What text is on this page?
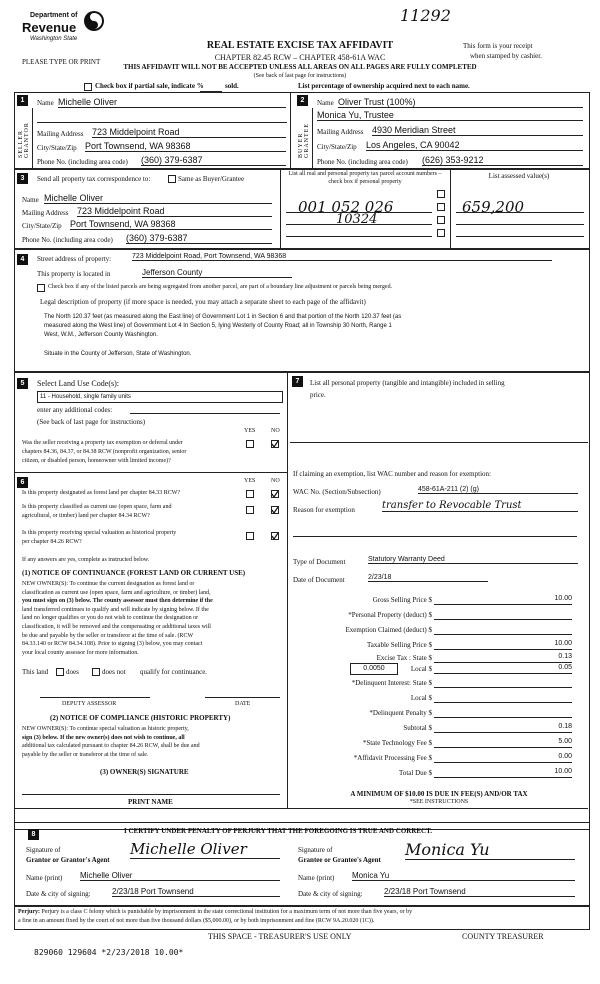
11292
Department of
Revenue
Washington State
REAL ESTATE EXCISE TAX AFFIDAVIT
CHAPTER 82.45 RCW – CHAPTER 458-61A WAC
THIS AFFIDAVIT WILL NOT BE ACCEPTED UNLESS ALL AREAS ON ALL PAGES ARE FULLY COMPLETED
(See back of last page for instructions)
PLEASE TYPE OR PRINT
This form is your receipt
when stamped by cashier.
Check box if partial sale, indicate %	sold.	List percentage of ownership acquired next to each name.
1
SELLER GRANTOR
Name Michelle Oliver
Mailing Address 723 Middelpoint Road
City/State/Zip Port Townsend, WA 98368
Phone No. (including area code) (360) 379-6387
2
BUYER GRANTEE
Name Oliver Trust (100%)
Monica Yu, Trustee
Mailing Address 4930 Meridian Street
City/State/Zip Los Angeles, CA 90042
Phone No. (including area code) (626) 353-9212
3	Send all property tax correspondence to:	Same as Buyer/Grantee
Name Michelle Oliver
Mailing Address 723 Middelpoint Road
City/State/Zip Port Townsend, WA 98368
Phone No. (including area code) (360) 379-6387
List all real and personal property tax parcel account numbers – check box if personal property
List assessed value(s)
001 052 026
10324
659,200
4	Street address of property:	723 Middelpoint Road, Port Townsend, WA 98368
This property is located in	Jefferson County
Check box if any of the listed parcels are being segregated from another parcel, are part of a boundary line adjustment or parcels being merged.
Legal description of property (if more space is needed, you may attach a separate sheet to each page of the affidavit)
The North 120.37 feet (as measured along the East line) of Government Lot 1 in Section 6 and that portion of the North 120.37 feet (as
measured along the West line) of Government Lot 4 In Section 5, lying Westerly of County Road; all in Township 30 North, Range 1
West, W.M., Jefferson County Washington.
Situate in the County of Jefferson, State of Washington.
5	Select Land Use Code(s):
11 - Household, single family units
enter any additional codes:
(See back of last page for instructions)
YES	NO
Was the seller receiving a property tax exemption or deferral under
chapters 84.36, 84.37, or 84.38 RCW (nonprofit organization, senior
citizen, or disabled person, homeowner with limited income)?
6	YES	NO
Is this property designated as forest land per chapter 84.33 RCW?
Is this property classified as current use (open space, farm and
agricultural, or timber) land per chapter 84.34 RCW?
Is this property receiving special valuation as historical property
per chapter 84.26 RCW?
If any answers are yes, complete as instructed below.
(1) NOTICE OF CONTINUANCE (FOREST LAND OR CURRENT USE)
NEW OWNER(S): To continue the current designation as forest land or
classification as current use (open space, farm and agriculture, or timber) land,
you must sign on (3) below. The county assessor must then determine if the
land transferred continues to qualify and will indicate by signing below. If the
land no longer qualifies or you do not wish to continue the designation or
classification, it will be removed and the compensating or additional taxes will
be due and payable by the seller or transferor at the time of sale. (RCW
84.33.140 or RCW 84.34.108). Prior to signing (3) below, you may contact
your local county assessor for more information.
This land	does	does not qualify for continuance.
DEPUTY ASSESSOR	DATE
(2) NOTICE OF COMPLIANCE (HISTORIC PROPERTY)
NEW OWNER(S): To continue special valuation as historic property,
sign (3) below. If the new owner(s) does not wish to continue, all
additional tax calculated pursuant to chapter 84.26 RCW, shall be due and
payable by the seller or transferor at the time of sale.
(3) OWNER(S) SIGNATURE
PRINT NAME
7	List all personal property (tangible and intangible) included in selling
price.
If claiming an exemption, list WAC number and reason for exemption:
WAC No. (Section/Subsection)	458-61A-211 (2) (g)
Reason for exemption	transfer to Revocable Trust
Type of Document	Statutory Warranty Deed
Date of Document	2/23/18
Gross Selling Price $	10.00
*Personal Property (deduct) $
Exemption Claimed (deduct) $
Taxable Selling Price $	10.00
Excise Tax : State $	0.13
Local $	0.05
*Delinquent Interest: State $
Local $
*Delinquent Penalty $
Subtotal $	0.18
*State Technology Fee $	5.00
*Affidavit Processing Fee $	0.00
Total Due $	10.00
0.0050
A MINIMUM OF $10.00 IS DUE IN FEE(S) AND/OR TAX
*SEE INSTRUCTIONS
8	I CERTIFY UNDER PENALTY OF PERJURY THAT THE FOREGOING IS TRUE AND CORRECT.
Signature of
Grantor or Grantor's Agent
Michelle Oliver	Signature of
Grantee or Grantee's Agent
Monica Yu
Name (print) Michelle Oliver	Name (print) Monica Yu
Date & city of signing:	2/23/18 Port Townsend	Date & city of signing:	2/23/18 Port Townsend
Perjury: Perjury is a class C felony which is punishable by imprisonment in the state correctional institution for a maximum term of not more than five years, or by
a fine in an amount fixed by the court of not more than five thousand dollars ($5,000.00), or by both imprisonment and fine (RCW 9A.20.020 (1C)).
THIS SPACE - TREASURER'S USE ONLY	COUNTY TREASURER
829060 129604 *2/23/2018 10.00*
